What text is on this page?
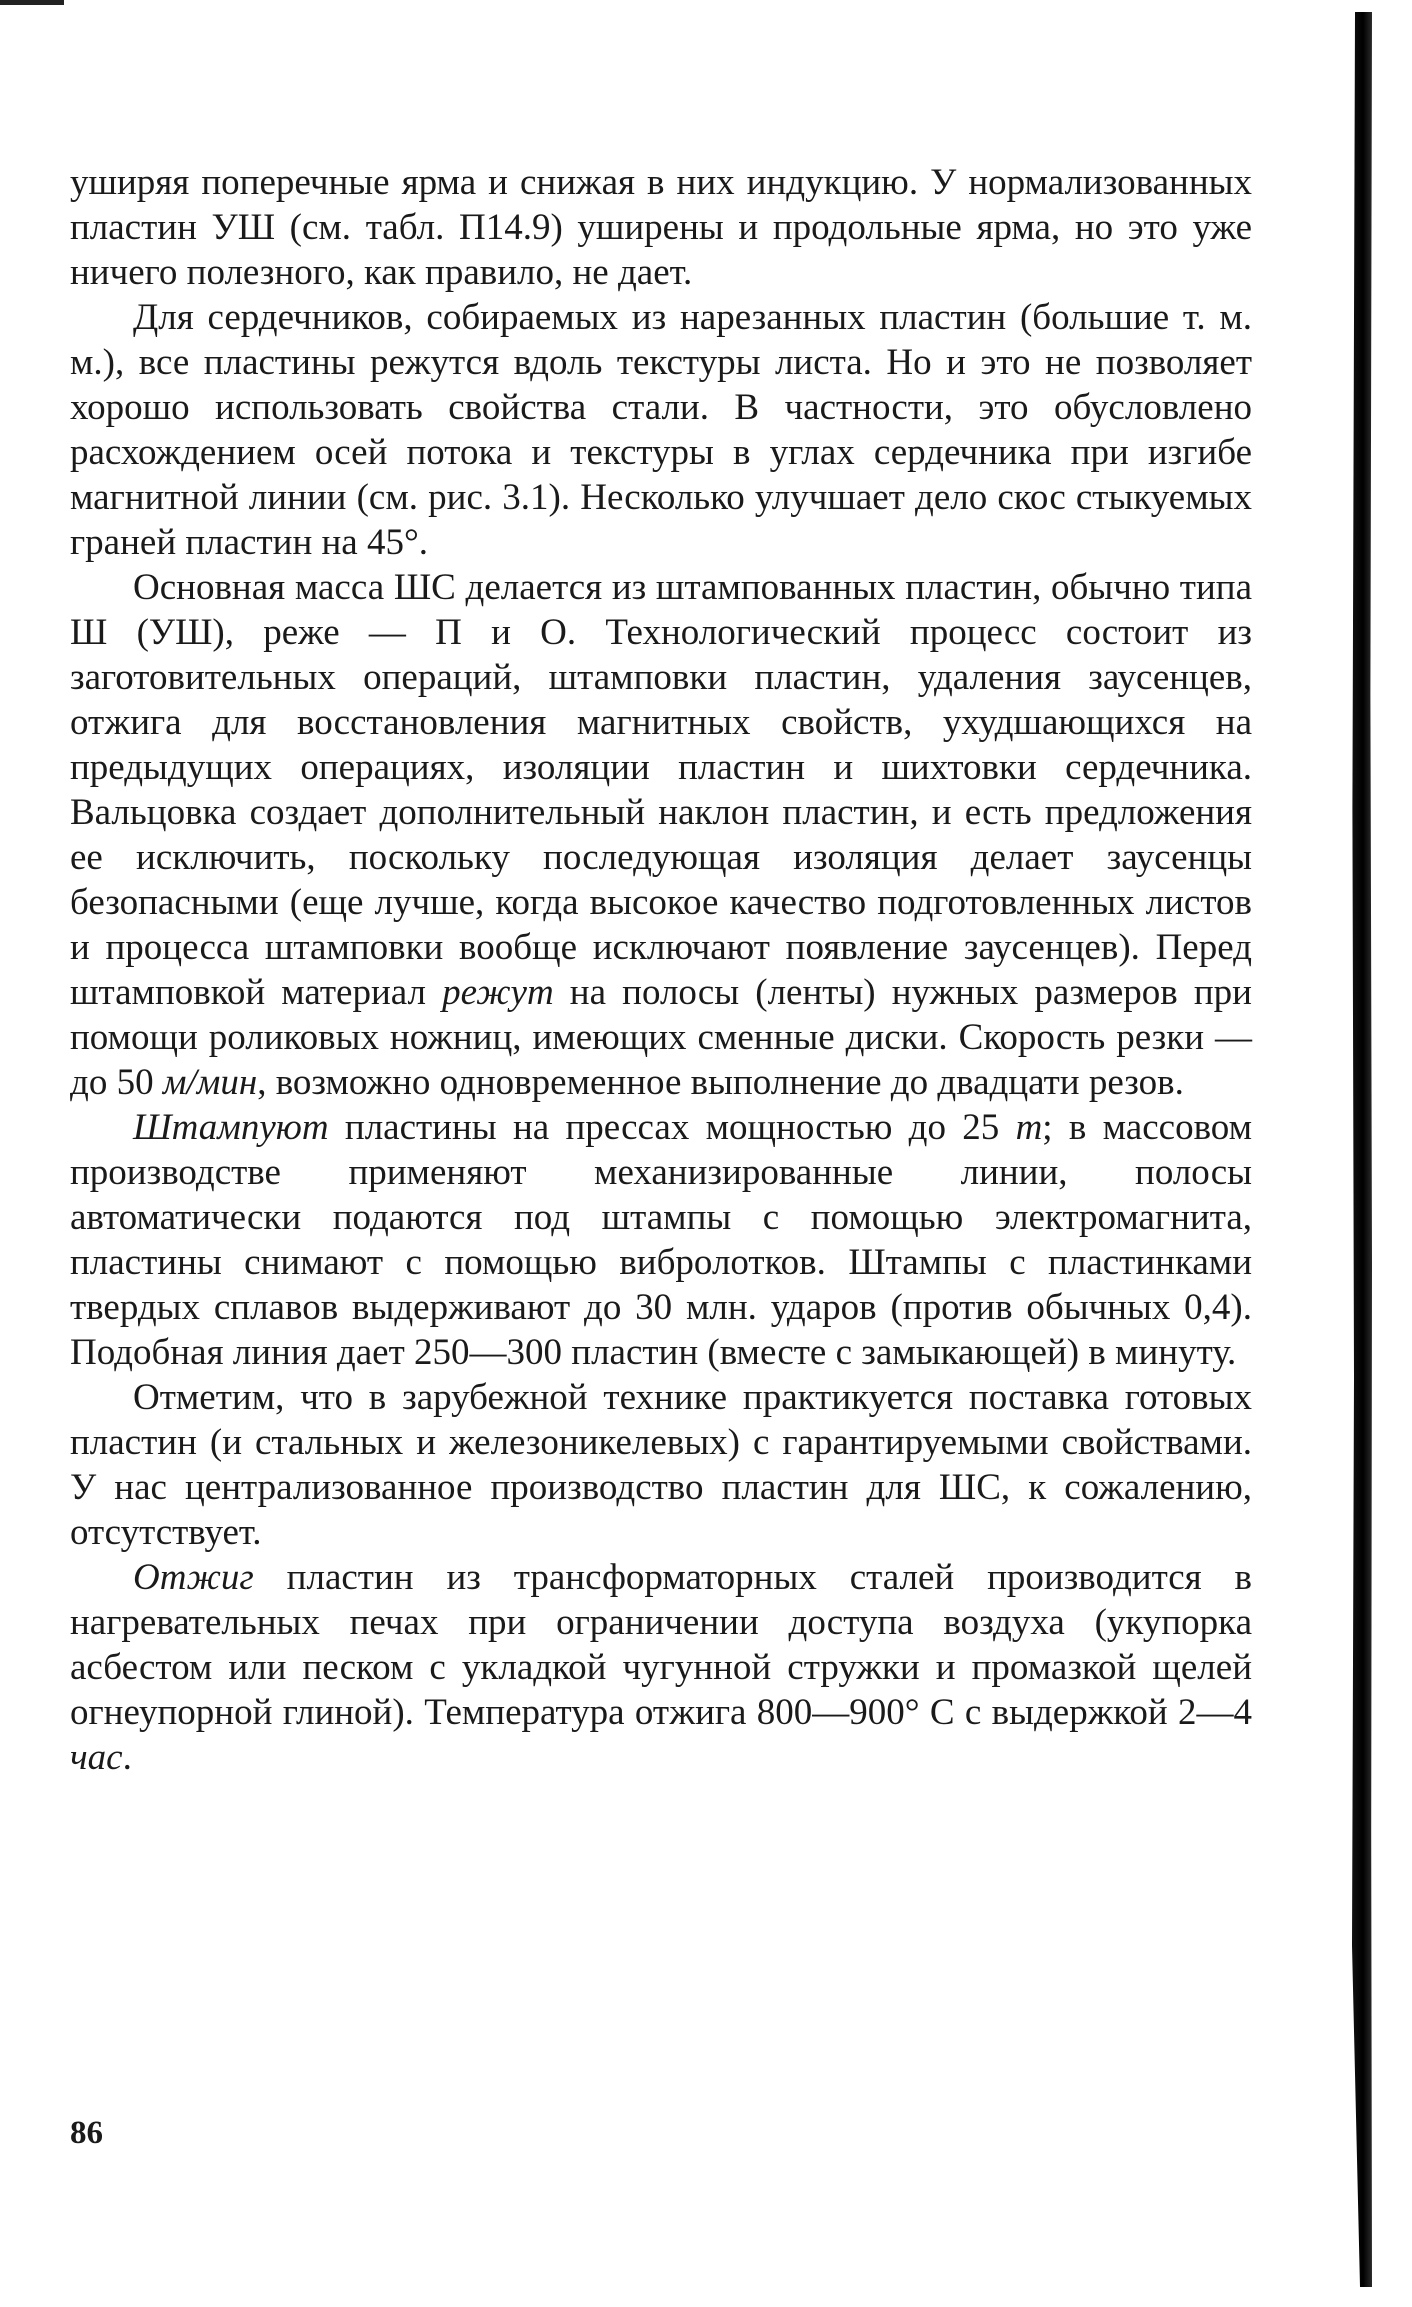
уширяя поперечные ярма и снижая в них индукцию. У нормализованных пластин УШ (см. табл. П14.9) уширены и продольные ярма, но это уже ничего полезного, как правило, не дает.

Для сердечников, собираемых из нарезанных пластин (большие т. м. м.), все пластины режутся вдоль текстуры листа. Но и это не позволяет хорошо использовать свойства стали. В частности, это обусловлено расхождением осей потока и текстуры в углах сердечника при изгибе магнитной линии (см. рис. 3.1). Несколько улучшает дело скос стыкуемых граней пластин на 45°.

Основная масса ШС делается из штампованных пластин, обычно типа Ш (УШ), реже — П и О. Технологический процесс состоит из заготовительных операций, штамповки пластин, удаления заусенцев, отжига для восстановления магнитных свойств, ухудшающихся на предыдущих операциях, изоляции пластин и шихтовки сердечника. Вальцовка создает дополнительный наклон пластин, и есть предложения ее исключить, поскольку последующая изоляция делает заусенцы безопасными (еще лучше, когда высокое качество подготовленных листов и процесса штамповки вообще исключают появление заусенцев). Перед штамповкой материал режут на полосы (ленты) нужных размеров при помощи роликовых ножниц, имеющих сменные диски. Скорость резки — до 50 м/мин, возможно одновременное выполнение до двадцати резов.

Штампуют пластины на прессах мощностью до 25 т; в массовом производстве применяют механизированные линии, полосы автоматически подаются под штампы с помощью электромагнита, пластины снимают с помощью вибролотков. Штампы с пластинками твердых сплавов выдерживают до 30 млн. ударов (против обычных 0,4). Подобная линия дает 250—300 пластин (вместе с замыкающей) в минуту.

Отметим, что в зарубежной технике практикуется поставка готовых пластин (и стальных и железоникелевых) с гарантируемыми свойствами. У нас централизованное производство пластин для ШС, к сожалению, отсутствует.

Отжиг пластин из трансформаторных сталей производится в нагревательных печах при ограничении доступа воздуха (укупорка асбестом или песком с укладкой чугунной стружки и промазкой щелей огнеупорной глиной). Температура отжига 800—900° С с выдержкой 2—4 час.

86
